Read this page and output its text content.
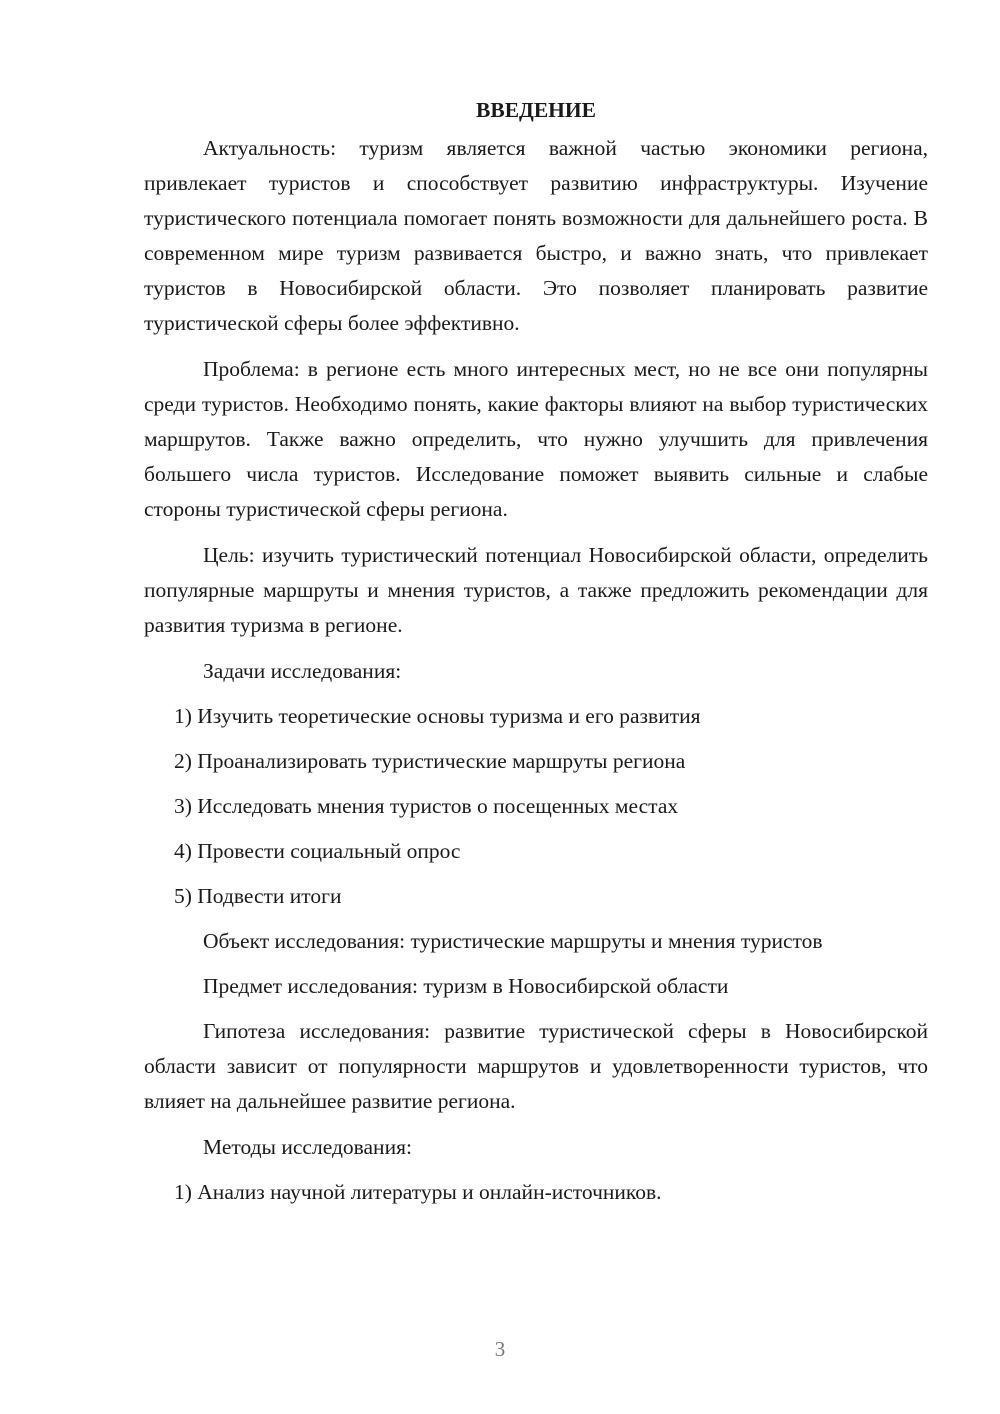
ВВЕДЕНИЕ

Актуальность: туризм является важной частью экономики региона, привлекает туристов и способствует развитию инфраструктуры. Изучение туристического потенциала помогает понять возможности для дальнейшего роста. В современном мире туризм развивается быстро, и важно знать, что привлекает туристов в Новосибирской области. Это позволяет планировать развитие туристической сферы более эффективно.

Проблема: в регионе есть много интересных мест, но не все они популярны среди туристов. Необходимо понять, какие факторы влияют на выбор туристических маршрутов. Также важно определить, что нужно улучшить для привлечения большего числа туристов. Исследование поможет выявить сильные и слабые стороны туристической сферы региона.

Цель: изучить туристический потенциал Новосибирской области, определить популярные маршруты и мнения туристов, а также предложить рекомендации для развития туризма в регионе.

Задачи исследования:

1) Изучить теоретические основы туризма и его развития

2) Проанализировать туристические маршруты региона

3) Исследовать мнения туристов о посещенных местах

4) Провести социальный опрос

5) Подвести итоги

Объект исследования: туристические маршруты и мнения туристов

Предмет исследования: туризм в Новосибирской области

Гипотеза исследования: развитие туристической сферы в Новосибирской области зависит от популярности маршрутов и удовлетворенности туристов, что влияет на дальнейшее развитие региона.

Методы исследования:

1) Анализ научной литературы и онлайн-источников.

3
